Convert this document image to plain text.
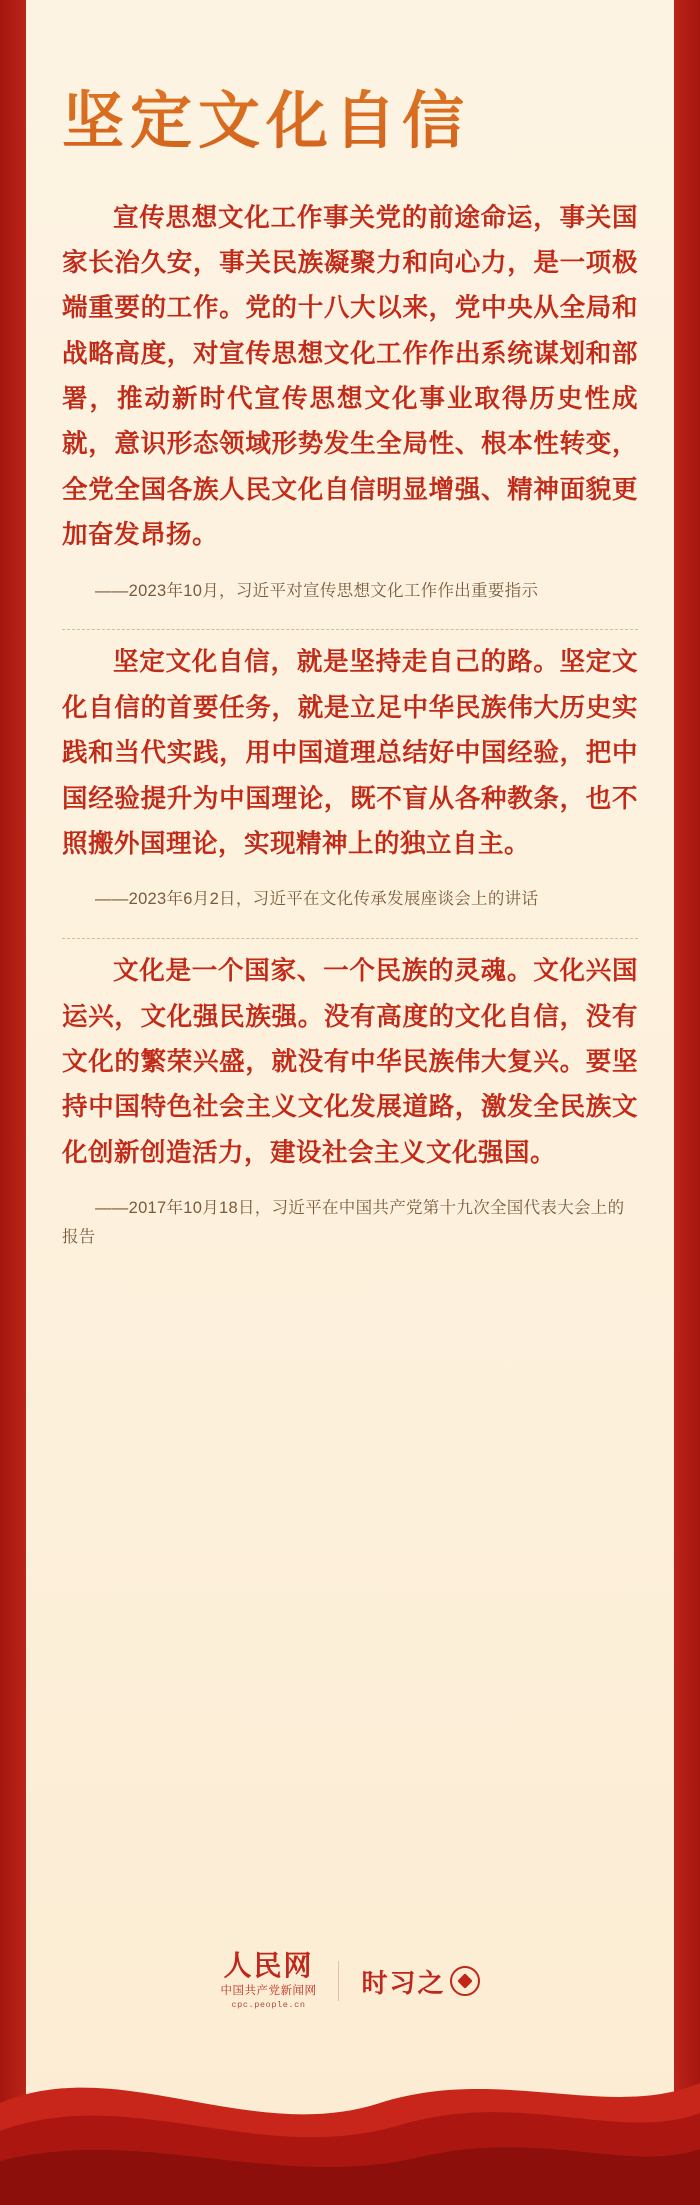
坚定文化自信

宣传思想文化工作事关党的前途命运，事关国家长治久安，事关民族凝聚力和向心力，是一项极端重要的工作。党的十八大以来，党中央从全局和战略高度，对宣传思想文化工作作出系统谋划和部署，推动新时代宣传思想文化事业取得历史性成就，意识形态领域形势发生全局性、根本性转变，全党全国各族人民文化自信明显增强、精神面貌更加奋发昂扬。

——2023年10月，习近平对宣传思想文化工作作出重要指示

坚定文化自信，就是坚持走自己的路。坚定文化自信的首要任务，就是立足中华民族伟大历史实践和当代实践，用中国道理总结好中国经验，把中国经验提升为中国理论，既不盲从各种教条，也不照搬外国理论，实现精神上的独立自主。

——2023年6月2日，习近平在文化传承发展座谈会上的讲话

文化是一个国家、一个民族的灵魂。文化兴国运兴，文化强民族强。没有高度的文化自信，没有文化的繁荣兴盛，就没有中华民族伟大复兴。要坚持中国特色社会主义文化发展道路，激发全民族文化创新创造活力，建设社会主义文化强国。

——2017年10月18日，习近平在中国共产党第十九次全国代表大会上的报告

人民网
中国共产党新闻网
cpc.people.cn
时习之
